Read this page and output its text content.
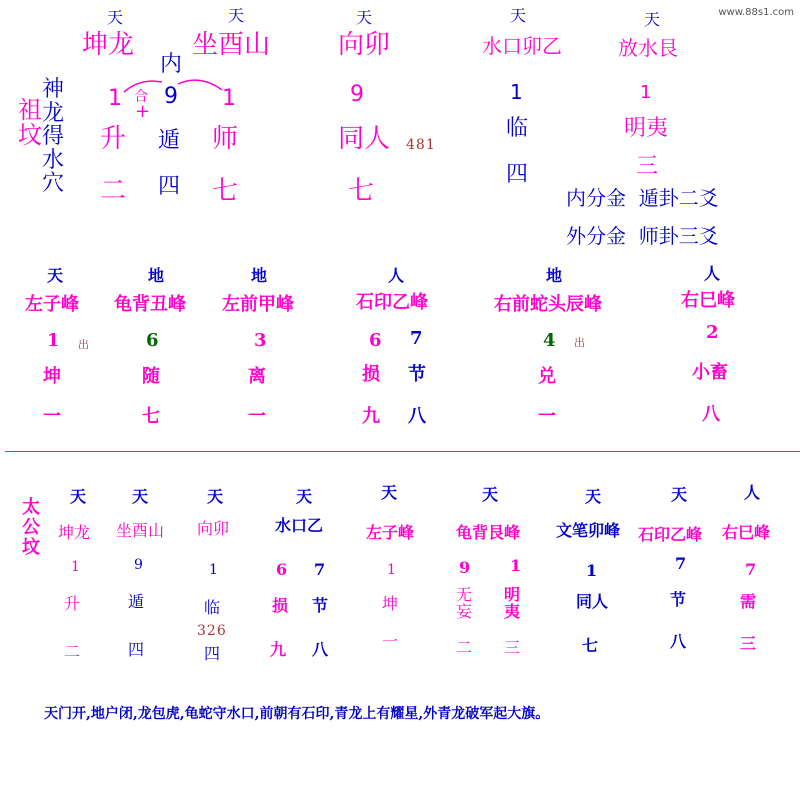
www.88s1.com
祖
坟
神
龙
得
水
穴
天
坤龙
1
升
二
合
+
内
9
遁
四
天
坐酉山
1
师
七
天
向卯
9
同人 481
七
天
水口卯乙
1
临
四
天
放水艮
1
明夷
三
内分金  遁卦二爻
外分金  师卦三爻
天
左子峰
1 出
坤
一
地
龟背丑峰
6
随
七
地
左前甲峰
3
离
一
人
石印乙峰
6 7
损 节
九 八
地
右前蛇头辰峰
4 出
兑
一
人
右巳峰
2
小畜
八
太
公
坟
天
坤龙
1
升
二
天
坐酉山
9
遁
四
天
向卯
1
临
326
四
天
水口乙
6 7
损 节
九 八
天
左子峰
1
坤
一
天
龟背艮峰
9 1
无
妄
明
夷
二 三
天
文笔卯峰
1
同人
七
天
石印乙峰
7
节
八
人
右巳峰
7
需
三
天门开,地户闭,龙包虎,龟蛇守水口,前朝有石印,青龙上有耀星,外青龙破军起大旗。
